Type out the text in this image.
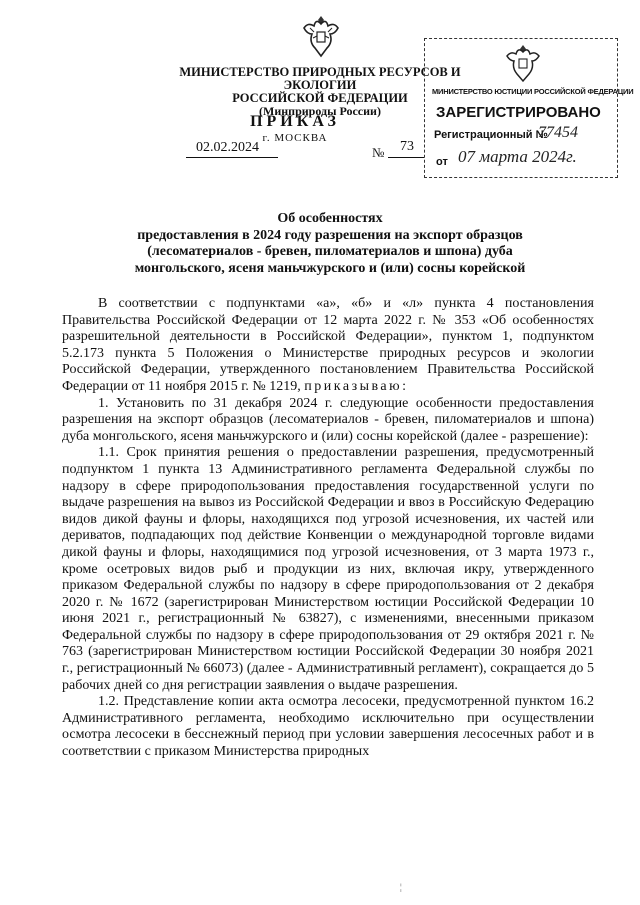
МИНИСТЕРСТВО ПРИРОДНЫХ РЕСУРСОВ И ЭКОЛОГИИ
РОССИЙСКОЙ ФЕДЕРАЦИИ
(Минприроды России)
ПРИКАЗ
г. МОСКВА
02.02.2024	№ 73
МИНИСТЕРСТВО ЮСТИЦИИ РОССИЙСКОЙ ФЕДЕРАЦИИ
ЗАРЕГИСТРИРОВАНО
Регистрационный №
77454
от 07 марта 2024г.
Об особенностях
предоставления в 2024 году разрешения на экспорт образцов
(лесоматериалов - бревен, пиломатериалов и шпона) дуба
монгольского, ясеня маньчжурского и (или) сосны корейской

В соответствии с подпунктами «а», «б» и «л» пункта 4 постановления Правительства Российской Федерации от 12 марта 2022 г. № 353 «Об особенностях разрешительной деятельности в Российской Федерации», пунктом 1, подпунктом 5.2.173 пункта 5 Положения о Министерстве природных ресурсов и экологии Российской Федерации, утвержденного постановлением Правительства Российской Федерации от 11 ноября 2015 г. № 1219, приказываю:

1. Установить по 31 декабря 2024 г. следующие особенности предоставления разрешения на экспорт образцов (лесоматериалов - бревен, пиломатериалов и шпона) дуба монгольского, ясеня маньчжурского и (или) сосны корейской (далее - разрешение):

1.1. Срок принятия решения о предоставлении разрешения, предусмотренный подпунктом 1 пункта 13 Административного регламента Федеральной службы по надзору в сфере природопользования предоставления государственной услуги по выдаче разрешения на вывоз из Российской Федерации и ввоз в Российскую Федерацию видов дикой фауны и флоры, находящихся под угрозой исчезновения, их частей или дериватов, подпадающих под действие Конвенции о международной торговле видами дикой фауны и флоры, находящимися под угрозой исчезновения, от 3 марта 1973 г., кроме осетровых видов рыб и продукции из них, включая икру, утвержденного приказом Федеральной службы по надзору в сфере природопользования от 2 декабря 2020 г. № 1672 (зарегистрирован Министерством юстиции Российской Федерации 10 июня 2021 г., регистрационный № 63827), с изменениями, внесенными приказом Федеральной службы по надзору в сфере природопользования от 29 октября 2021 г. № 763 (зарегистрирован Министерством юстиции Российской Федерации 30 ноября 2021 г., регистрационный № 66073) (далее - Административный регламент), сокращается до 5 рабочих дней со дня регистрации заявления о выдаче разрешения.

1.2. Представление копии акта осмотра лесосеки, предусмотренной пунктом 16.2 Административного регламента, необходимо исключительно при осуществлении осмотра лесосеки в бесснежный период при условии завершения лесосечных работ и в соответствии с приказом Министерства природных

¦
